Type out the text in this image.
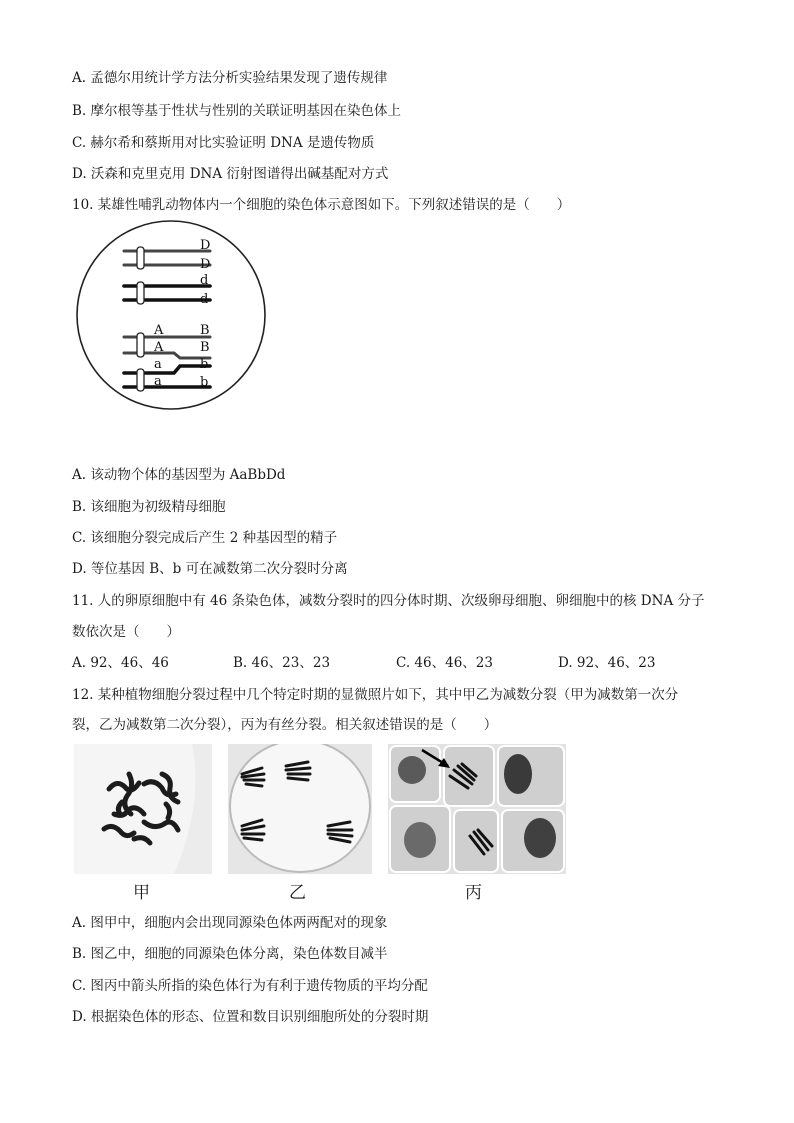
A. 孟德尔用统计学方法分析实验结果发现了遗传规律
B. 摩尔根等基于性状与性别的关联证明基因在染色体上
C. 赫尔希和蔡斯用对比实验证明 DNA 是遗传物质
D. 沃森和克里克用 DNA 衍射图谱得出碱基配对方式
10. 某雄性哺乳动物体内一个细胞的染色体示意图如下。下列叙述错误的是（　　）
D
D
d
d
A
A
a
a
B
B
b
b
A. 该动物个体的基因型为 AaBbDd
B. 该细胞为初级精母细胞
C. 该细胞分裂完成后产生 2 种基因型的精子
D. 等位基因 B、b 可在减数第二次分裂时分离
11. 人的卵原细胞中有 46 条染色体，减数分裂时的四分体时期、次级卵母细胞、卵细胞中的核 DNA 分子
数依次是（　　）
A. 92、46、46	B. 46、23、23	C. 46、46、23	D. 92、46、23
12. 某种植物细胞分裂过程中几个特定时期的显微照片如下，其中甲乙为减数分裂（甲为减数第一次分
裂，乙为减数第二次分裂），丙为有丝分裂。相关叙述错误的是（　　）
甲	乙	丙
A. 图甲中，细胞内会出现同源染色体两两配对的现象
B. 图乙中，细胞的同源染色体分离，染色体数目减半
C. 图丙中箭头所指的染色体行为有利于遗传物质的平均分配
D. 根据染色体的形态、位置和数目识别细胞所处的分裂时期
